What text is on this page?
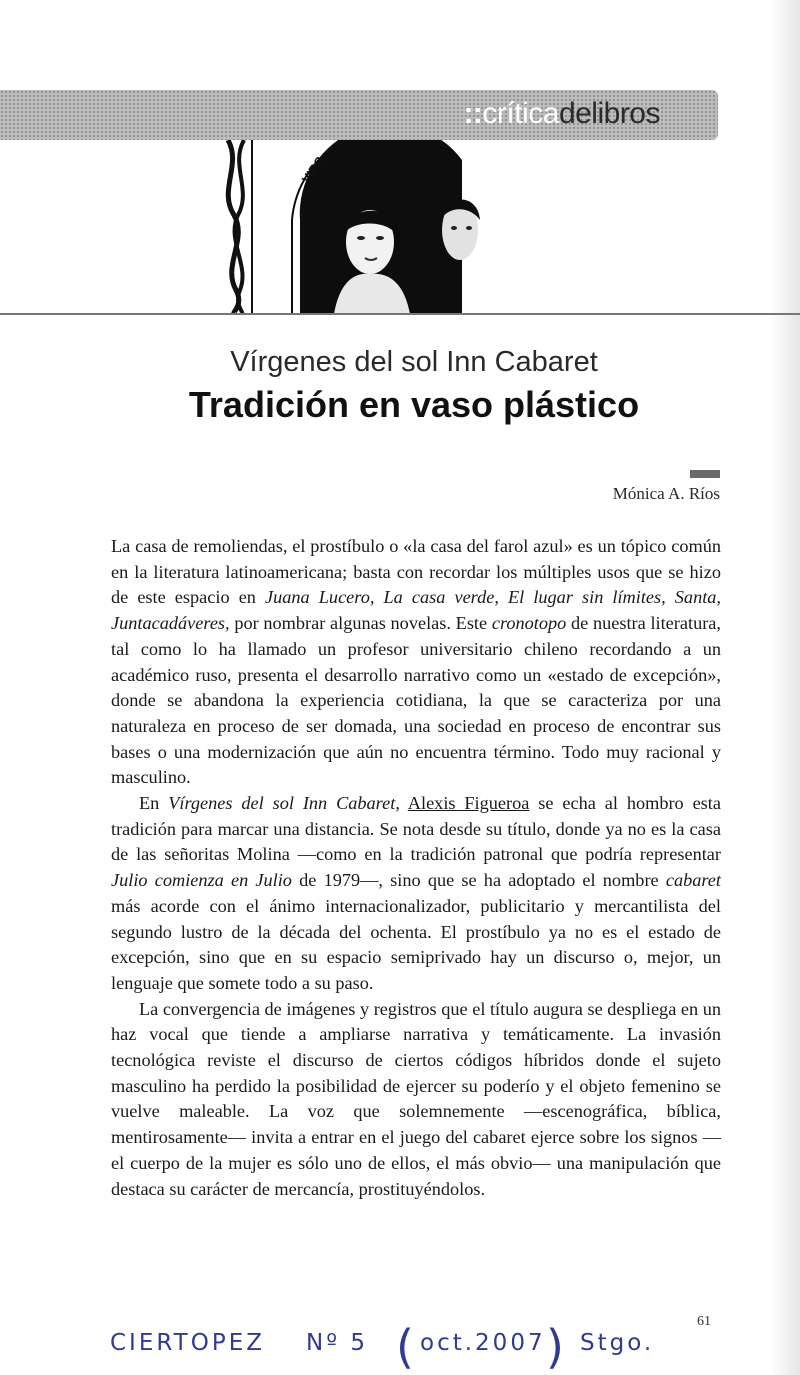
::críticadelibros
VIRG
Vírgenes del sol Inn Cabaret
Tradición en vaso plástico
Mónica A. Ríos

La casa de remoliendas, el prostíbulo o «la casa del farol azul» es un tópico común en la literatura latinoamericana; basta con recordar los múltiples usos que se hizo de este espacio en Juana Lucero, La casa verde, El lugar sin límites, Santa, Juntacadáveres, por nombrar algunas novelas. Este cronotopo de nuestra literatura, tal como lo ha llamado un profesor universitario chileno recordando a un académico ruso, presenta el desarrollo narrativo como un «estado de excepción», donde se abandona la experiencia cotidiana, la que se caracteriza por una naturaleza en proceso de ser domada, una sociedad en proceso de encontrar sus bases o una modernización que aún no encuentra término. Todo muy racional y masculino.

En Vírgenes del sol Inn Cabaret, Alexis Figueroa se echa al hombro esta tradición para marcar una distancia. Se nota desde su título, donde ya no es la casa de las señoritas Molina —como en la tradición patronal que podría representar Julio comienza en Julio de 1979—, sino que se ha adoptado el nombre cabaret más acorde con el ánimo internacionalizador, publicitario y mercantilista del segundo lustro de la década del ochenta. El prostíbulo ya no es el estado de excepción, sino que en su espacio semiprivado hay un discurso o, mejor, un lenguaje que somete todo a su paso.

La convergencia de imágenes y registros que el título augura se despliega en un haz vocal que tiende a ampliarse narrativa y temáticamente. La invasión tecnológica reviste el discurso de ciertos códigos híbridos donde el sujeto masculino ha perdido la posibilidad de ejercer su poderío y el objeto femenino se vuelve maleable. La voz que solemnemente —escenográfica, bíblica, mentirosamente— invita a entrar en el juego del cabaret ejerce sobre los signos —el cuerpo de la mujer es sólo uno de ellos, el más obvio— una manipulación que destaca su carácter de mercancía, prostituyéndolos.

61
CIERTOPEZ Nº 5 ( oct.2007 ) Stgo.
